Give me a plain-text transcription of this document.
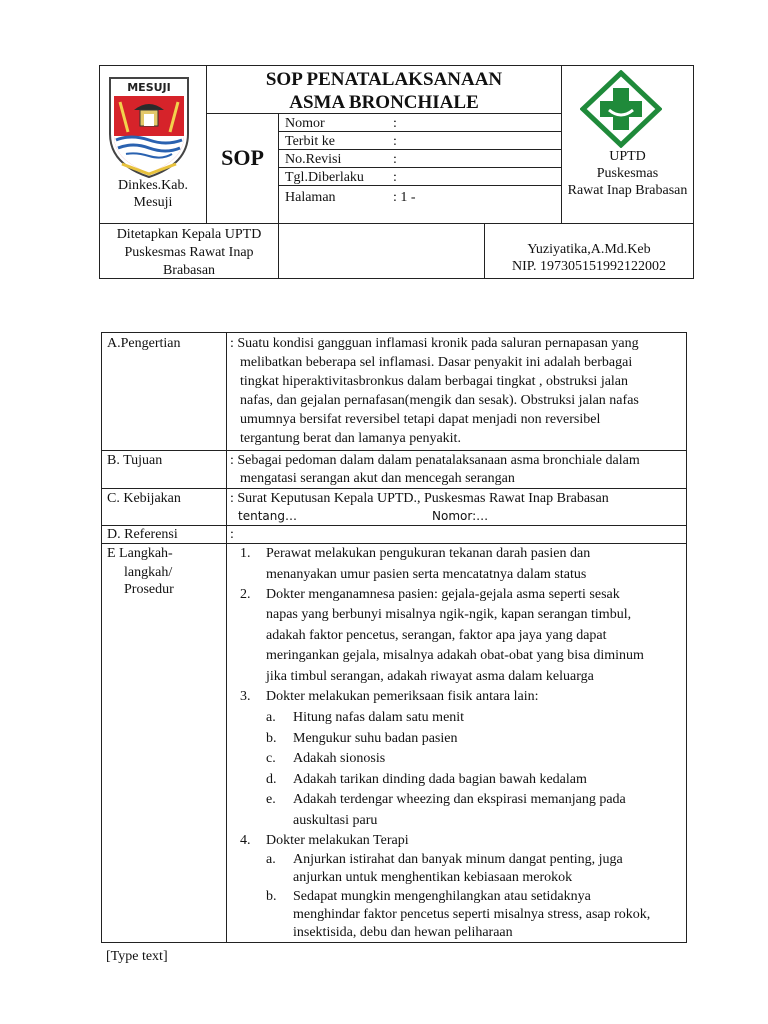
MESUJI
Dinkes.Kab.
Mesuji
SOP PENATALAKSANAAN
ASMA BRONCHIALE
SOP
Nomor	:
Terbit ke	:
No.Revisi	:
Tgl.Diberlaku :
Halaman	: 1 -
UPTD
Puskesmas
Rawat Inap Brabasan
Ditetapkan Kepala UPTD
Puskesmas Rawat Inap
Brabasan
Yuziyatika,A.Md.Keb
NIP. 197305151992122002
A.Pengertian	: Suatu kondisi gangguan inflamasi kronik pada saluran pernapasan yang
melibatkan beberapa sel inflamasi. Dasar penyakit ini adalah berbagai
tingkat hiperaktivitasbronkus dalam berbagai tingkat , obstruksi jalan
nafas, dan gejalan pernafasan(mengik dan sesak). Obstruksi jalan nafas
umumnya bersifat reversibel tetapi dapat menjadi non reversibel
tergantung berat dan lamanya penyakit.
B. Tujuan	: Sebagai pedoman dalam dalam penatalaksanaan asma bronchiale dalam
mengatasi serangan akut dan mencegah serangan
C. Kebijakan	: Surat Keputusan Kepala UPTD., Puskesmas Rawat Inap Brabasan
tentang…	Nomor:…
D. Referensi	:
E Langkah-
langkah/
Prosedur
1. Perawat melakukan pengukuran tekanan darah pasien dan
menanyakan umur pasien serta mencatatnya dalam status
2. Dokter menganamnesa pasien: gejala-gejala asma seperti sesak
napas yang berbunyi misalnya ngik-ngik, kapan serangan timbul,
adakah faktor pencetus, serangan, faktor apa jaya yang dapat
meringankan gejala, misalnya adakah obat-obat yang bisa diminum
jika timbul serangan, adakah riwayat asma dalam keluarga
3. Dokter melakukan pemeriksaan fisik antara lain:
a. Hitung nafas dalam satu menit
b. Mengukur suhu badan pasien
c. Adakah sionosis
d. Adakah tarikan dinding dada bagian bawah kedalam
e. Adakah terdengar wheezing dan ekspirasi memanjang pada
auskultasi paru
4. Dokter melakukan Terapi
a. Anjurkan istirahat dan banyak minum dangat penting, juga
anjurkan untuk menghentikan kebiasaan merokok
b. Sedapat mungkin mengenghilangkan atau setidaknya
menghindar faktor pencetus seperti misalnya stress, asap rokok,
insektisida, debu dan hewan peliharaan
[Type text]
